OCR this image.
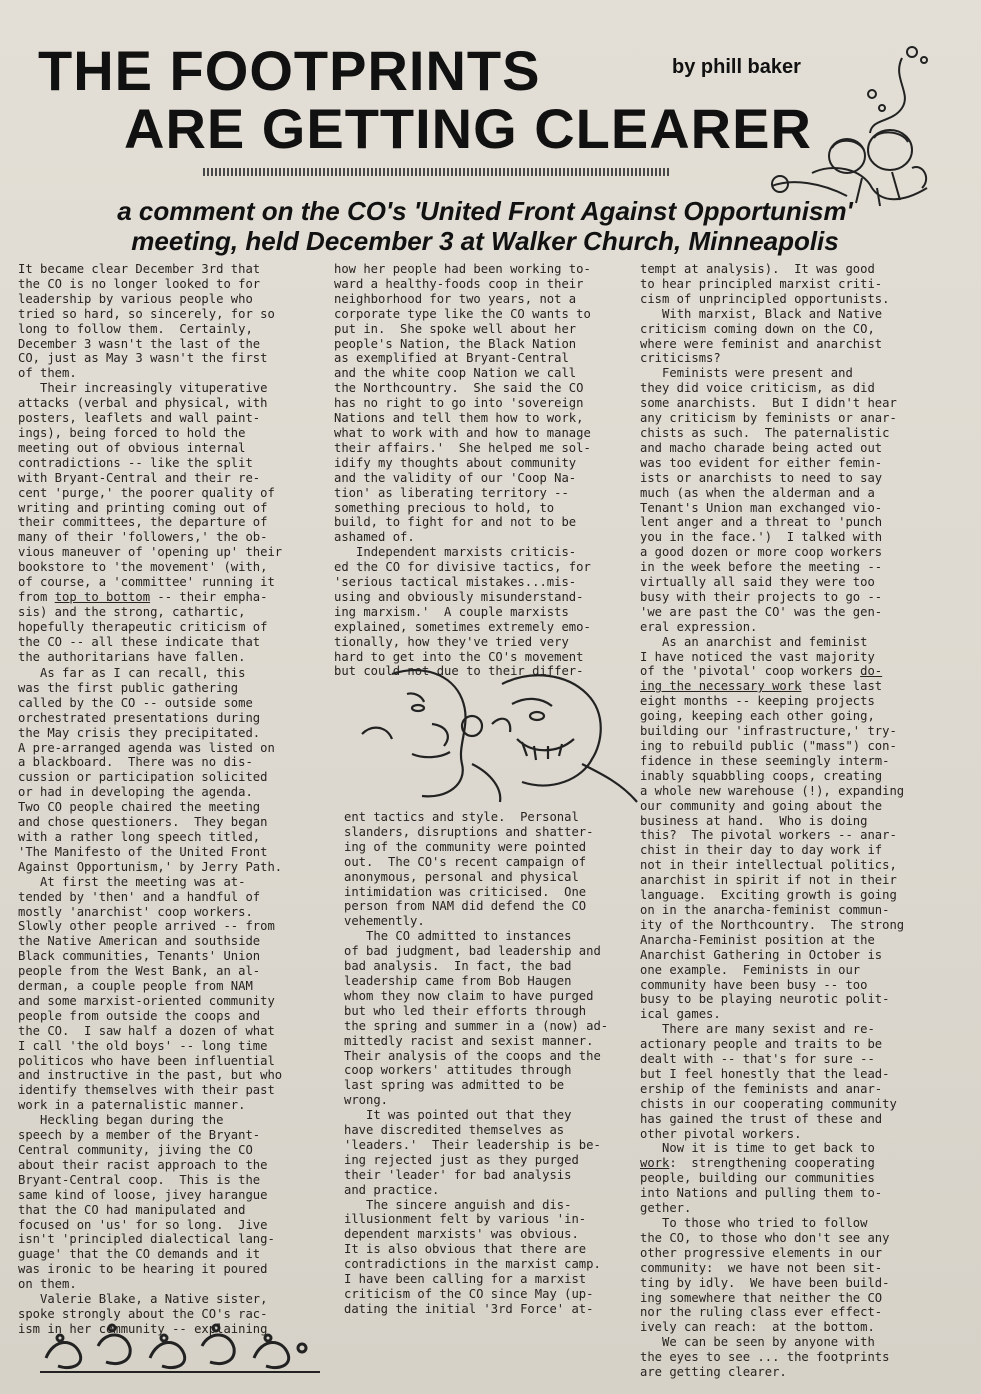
THE FOOTPRINTS
ARE GETTING CLEARER
by phill baker
a comment on the CO's 'United Front Against Opportunism'
meeting, held December 3 at Walker Church, Minneapolis

It became clear December 3rd that
the CO is no longer looked to for
leadership by various people who
tried so hard, so sincerely, for so
long to follow them.  Certainly,
December 3 wasn't the last of the
CO, just as May 3 wasn't the first
of them.
Their increasingly vituperative
attacks (verbal and physical, with
posters, leaflets and wall paint-
ings), being forced to hold the
meeting out of obvious internal
contradictions -- like the split
with Bryant-Central and their re-
cent 'purge,' the poorer quality of
writing and printing coming out of
their committees, the departure of
many of their 'followers,' the ob-
vious maneuver of 'opening up' their
bookstore to 'the movement' (with,
of course, a 'committee' running it
from top to bottom -- their empha-
sis) and the strong, cathartic,
hopefully therapeutic criticism of
the CO -- all these indicate that
the authoritarians have fallen.

As far as I can recall, this
was the first public gathering
called by the CO -- outside some
orchestrated presentations during
the May crisis they precipitated.
A pre-arranged agenda was listed on
a blackboard.  There was no dis-
cussion or participation solicited
or had in developing the agenda.
Two CO people chaired the meeting
and chose questioners.  They began
with a rather long speech titled,
'The Manifesto of the United Front
Against Opportunism,' by Jerry Path.
At first the meeting was at-
tended by 'then' and a handful of
mostly 'anarchist' coop workers.
Slowly other people arrived -- from
the Native American and southside
Black communities, Tenants' Union
people from the West Bank, an al-
derman, a couple people from NAM
and some marxist-oriented community
people from outside the coops and
the CO.  I saw half a dozen of what
I call 'the old boys' -- long time
politicos who have been influential
and instructive in the past, but who
identify themselves with their past
work in a paternalistic manner.
Heckling began during the
speech by a member of the Bryant-
Central community, jiving the CO
about their racist approach to the
Bryant-Central coop.  This is the
same kind of loose, jivey harangue
that the CO had manipulated and
focused on 'us' for so long.  Jive
isn't 'principled dialectical lang-
guage' that the CO demands and it
was ironic to be hearing it poured
on them.
Valerie Blake, a Native sister,
spoke strongly about the CO's rac-
ism in her community -- explaining

how her people had been working to-
ward a healthy-foods coop in their
neighborhood for two years, not a
corporate type like the CO wants to
put in.  She spoke well about her
people's Nation, the Black Nation
as exemplified at Bryant-Central
and the white coop Nation we call
the Northcountry.  She said the CO
has no right to go into 'sovereign
Nations and tell them how to work,
what to work with and how to manage
their affairs.'  She helped me sol-
idify my thoughts about community
and the validity of our 'Coop Na-
tion' as liberating territory --
something precious to hold, to
build, to fight for and not to be
ashamed of.
Independent marxists criticis-
ed the CO for divisive tactics, for
'serious tactical mistakes...mis-
using and obviously misunderstand-
ing marxism.'  A couple marxists
explained, sometimes extremely emo-
tionally, how they've tried very
hard to get into the CO's movement
but could not due to their differ-

ent tactics and style.  Personal
slanders, disruptions and shatter-
ing of the community were pointed
out.  The CO's recent campaign of
anonymous, personal and physical
intimidation was criticised.  One
person from NAM did defend the CO
vehemently.
The CO admitted to instances
of bad judgment, bad leadership and
bad analysis.  In fact, the bad
leadership came from Bob Haugen
whom they now claim to have purged
but who led their efforts through
the spring and summer in a (now) ad-
mittedly racist and sexist manner.
Their analysis of the coops and the
coop workers' attitudes through
last spring was admitted to be
wrong.
It was pointed out that they
have discredited themselves as
'leaders.'  Their leadership is be-
ing rejected just as they purged
their 'leader' for bad analysis
and practice.
The sincere anguish and dis-
illusionment felt by various 'in-
dependent marxists' was obvious.
It is also obvious that there are
contradictions in the marxist camp.
I have been calling for a marxist
criticism of the CO since May (up-
dating the initial '3rd Force' at-

tempt at analysis).  It was good
to hear principled marxist criti-
cism of unprincipled opportunists.
With marxist, Black and Native
criticism coming down on the CO,
where were feminist and anarchist
criticisms?
Feminists were present and
they did voice criticism, as did
some anarchists.  But I didn't hear
any criticism by feminists or anar-
chists as such.  The paternalistic
and macho charade being acted out
was too evident for either femin-
ists or anarchists to need to say
much (as when the alderman and a
Tenant's Union man exchanged vio-
lent anger and a threat to 'punch
you in the face.')  I talked with
a good dozen or more coop workers
in the week before the meeting --
virtually all said they were too
busy with their projects to go --
'we are past the CO' was the gen-
eral expression.
As an anarchist and feminist
I have noticed the vast majority
of the 'pivotal' coop workers do-
ing the necessary work these last
eight months -- keeping projects
going, keeping each other going,
building our 'infrastructure,' try-
ing to rebuild public ("mass") con-
fidence in these seemingly interm-
inably squabbling coops, creating
a whole new warehouse (!), expanding
our community and going about the
business at hand.  Who is doing
this?  The pivotal workers -- anar-
chist in their day to day work if
not in their intellectual politics,
anarchist in spirit if not in their
language.  Exciting growth is going
on in the anarcha-feminist commun-
ity of the Northcountry.  The strong
Anarcha-Feminist position at the
Anarchist Gathering in October is
one example.  Feminists in our
community have been busy -- too
busy to be playing neurotic polit-
ical games.
There are many sexist and re-
actionary people and traits to be
dealt with -- that's for sure --
but I feel honestly that the lead-
ership of the feminists and anar-
chists in our cooperating community
has gained the trust of these and
other pivotal workers.
Now it is time to get back to
work:  strengthening cooperating
people, building our communities
into Nations and pulling them to-
gether.
To those who tried to follow
the CO, to those who don't see any
other progressive elements in our
community:  we have not been sit-
ting by idly.  We have been build-
ing somewhere that neither the CO
nor the ruling class ever effect-
ively can reach:  at the bottom.
We can be seen by anyone with
the eyes to see ... the footprints
are getting clearer.
